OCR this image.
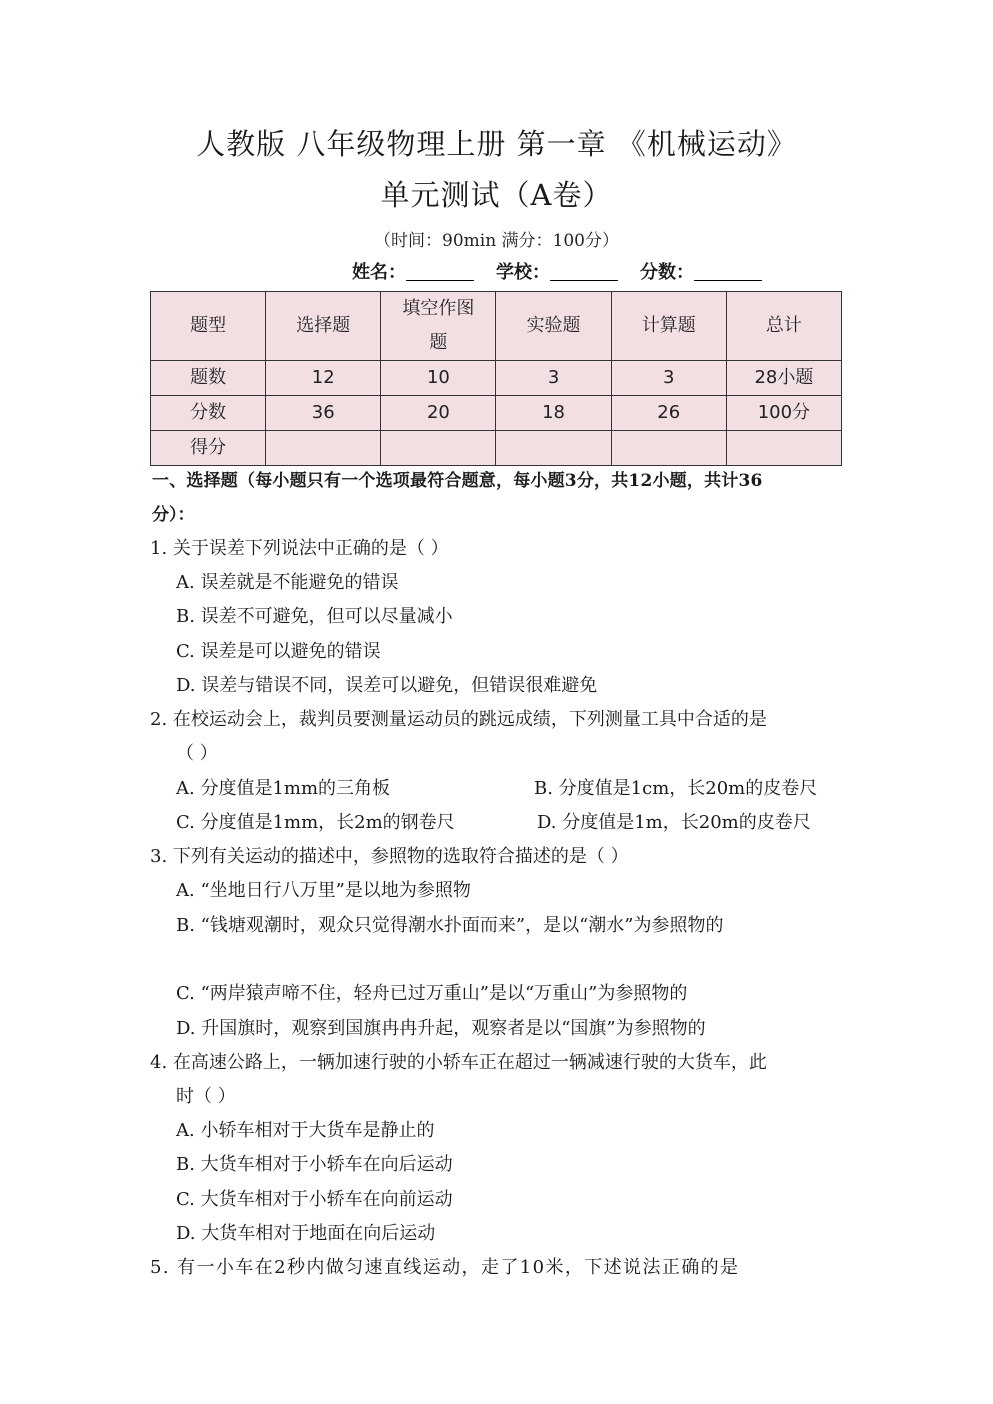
人教版 八年级物理上册 第一章 《机械运动》
单元测试（A卷）
（时间：90min 满分：100分）
姓名：	学校：	分数：
题型	选择题	填空作图题	实验题	计算题	总计
题数	12	10	3	3	28小题
分数	36	20	18	26	100分
得分					
一、选择题（每小题只有一个选项最符合题意，每小题3分，共12小题，共计36
分）：
1. 关于误差下列说法中正确的是（ ）
A. 误差就是不能避免的错误
B. 误差不可避免，但可以尽量减小
C. 误差是可以避免的错误
D. 误差与错误不同，误差可以避免，但错误很难避免
2. 在校运动会上，裁判员要测量运动员的跳远成绩，下列测量工具中合适的是
（ ）
A. 分度值是1mm的三角板	B. 分度值是1cm，长20m的皮卷尺
C. 分度值是1mm，长2m的钢卷尺	D. 分度值是1m，长20m的皮卷尺
3. 下列有关运动的描述中，参照物的选取符合描述的是（ ）
A. “坐地日行八万里”是以地为参照物
B. “钱塘观潮时，观众只觉得潮水扑面而来”，是以“潮水”为参照物的
C. “两岸猿声啼不住，轻舟已过万重山”是以“万重山”为参照物的
D. 升国旗时，观察到国旗冉冉升起，观察者是以“国旗”为参照物的
4. 在高速公路上，一辆加速行驶的小轿车正在超过一辆减速行驶的大货车，此
时（ ）
A. 小轿车相对于大货车是静止的
B. 大货车相对于小轿车在向后运动
C. 大货车相对于小轿车在向前运动
D. 大货车相对于地面在向后运动
5. 有一小车在2秒内做匀速直线运动，走了10米，下述说法正确的是
